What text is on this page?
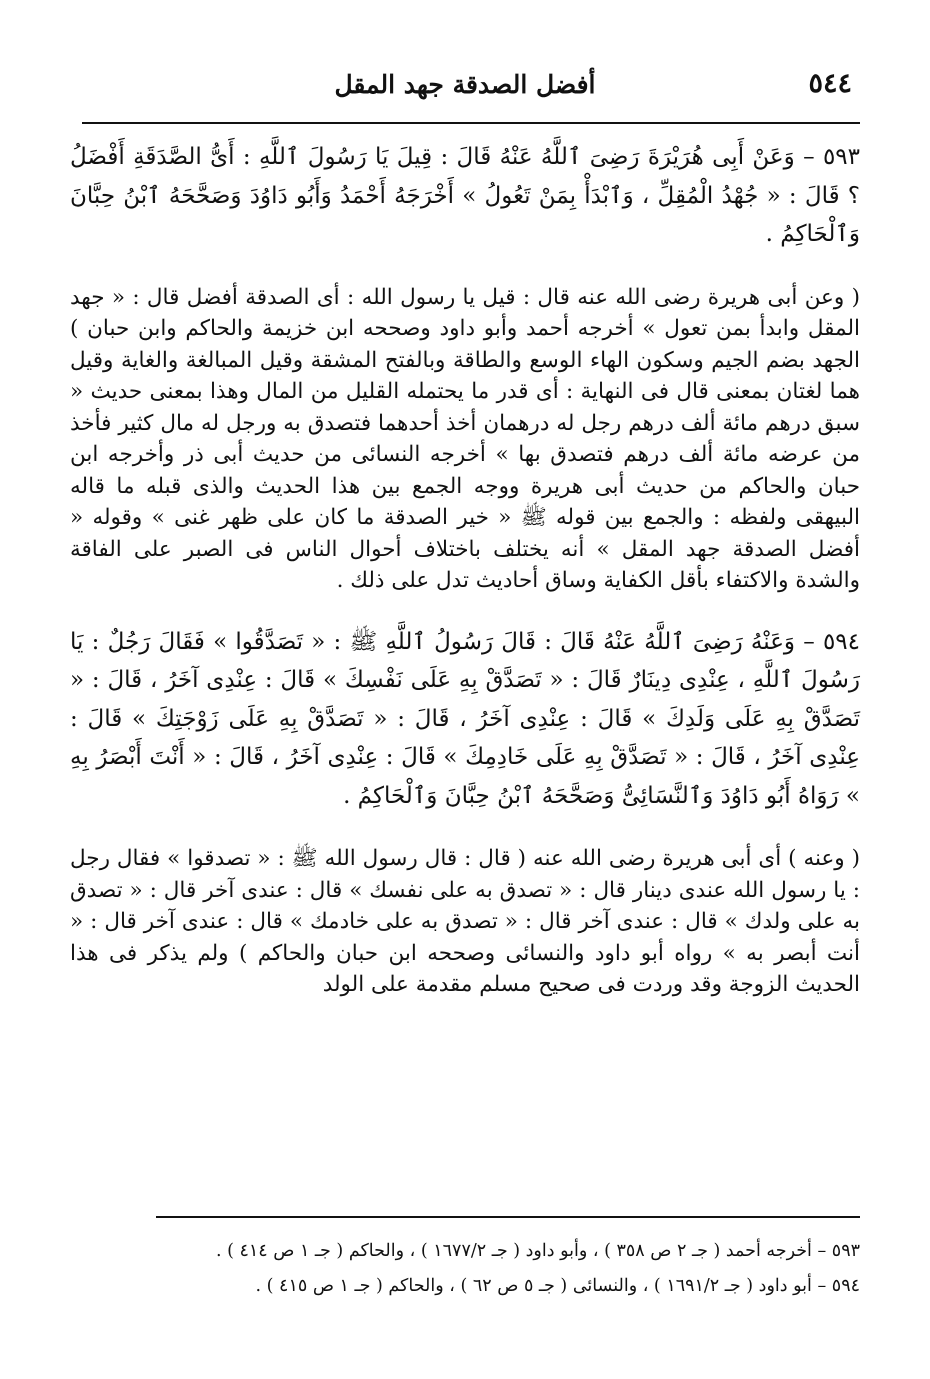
٥٤٤
أفضل الصدقة جهد المقل

٥٩٣ – وَعَنْ أَبِى هُرَيْرَةَ رَضِىَ ٱللَّهُ عَنْهُ قَالَ : قِيلَ يَا رَسُولَ ٱللَّهِ : أَىُّ الصَّدَقَةِ أَفْضَلُ ؟ قَالَ : « جُهْدُ الْمُقِلِّ ، وَٱبْدَأْ بِمَنْ تَعُولُ » أَخْرَجَهُ أَحْمَدُ وَأَبُو دَاوُدَ وَصَحَّحَهُ ٱبْنُ حِبَّانَ وَٱلْحَاكِمُ .

( وعن أبى هريرة رضى الله عنه قال : قيل يا رسول الله : أى الصدقة أفضل قال : « جهد المقل وابدأ بمن تعول » أخرجه أحمد وأبو داود وصححه ابن خزيمة والحاكم وابن حبان ) الجهد بضم الجيم وسكون الهاء الوسع والطاقة وبالفتح المشقة وقيل المبالغة والغاية وقيل هما لغتان بمعنى قال فى النهاية : أى قدر ما يحتمله القليل من المال وهذا بمعنى حديث « سبق درهم مائة ألف درهم رجل له درهمان أخذ أحدهما فتصدق به ورجل له مال كثير فأخذ من عرضه مائة ألف درهم فتصدق بها » أخرجه النسائى من حديث أبى ذر وأخرجه ابن حبان والحاكم من حديث أبى هريرة ووجه الجمع بين هذا الحديث والذى قبله ما قاله البيهقى ولفظه : والجمع بين قوله ﷺ « خير الصدقة ما كان على ظهر غنى » وقوله « أفضل الصدقة جهد المقل » أنه يختلف باختلاف أحوال الناس فى الصبر على الفاقة والشدة والاكتفاء بأقل الكفاية وساق أحاديث تدل على ذلك .

٥٩٤ – وَعَنْهُ رَضِىَ ٱللَّهُ عَنْهُ قَالَ : قَالَ رَسُولُ ٱللَّهِ ﷺ : « تَصَدَّقُوا » فَقَالَ رَجُلٌ : يَا رَسُولَ ٱللَّهِ ، عِنْدِى دِينَارٌ قَالَ : « تَصَدَّقْ بِهِ عَلَى نَفْسِكَ » قَالَ : عِنْدِى آخَرُ ، قَالَ : « تَصَدَّقْ بِهِ عَلَى وَلَدِكَ » قَالَ : عِنْدِى آخَرُ ، قَالَ : « تَصَدَّقْ بِهِ عَلَى زَوْجَتِكَ » قَالَ : عِنْدِى آخَرُ ، قَالَ : « تَصَدَّقْ بِهِ عَلَى خَادِمِكَ » قَالَ : عِنْدِى آخَرُ ، قَالَ : « أَنْتَ أَبْصَرُ بِهِ » رَوَاهُ أَبُو دَاوُدَ وَٱلنَّسَائِىُّ وَصَحَّحَهُ ٱبْنُ حِبَّانَ وَٱلْحَاكِمُ .

( وعنه ) أى أبى هريرة رضى الله عنه ( قال : قال رسول الله ﷺ : « تصدقوا » فقال رجل : يا رسول الله عندى دينار قال : « تصدق به على نفسك » قال : عندى آخر قال : « تصدق به على ولدك » قال : عندى آخر قال : « تصدق به على خادمك » قال : عندى آخر قال : « أنت أبصر به » رواه أبو داود والنسائى وصححه ابن حبان والحاكم ) ولم يذكر فى هذا الحديث الزوجة وقد وردت فى صحيح مسلم مقدمة على الولد

٥٩٣ – أخرجه أحمد ( جـ ٢ ص ٣٥٨ ) ، وأبو داود ( جـ ١٦٧٧/٢ ) ، والحاكم ( جـ ١ ص ٤١٤ ) .

٥٩٤ – أبو داود ( جـ ١٦٩١/٢ ) ، والنسائى ( جـ ٥ ص ٦٢ ) ، والحاكم ( جـ ١ ص ٤١٥ ) .
